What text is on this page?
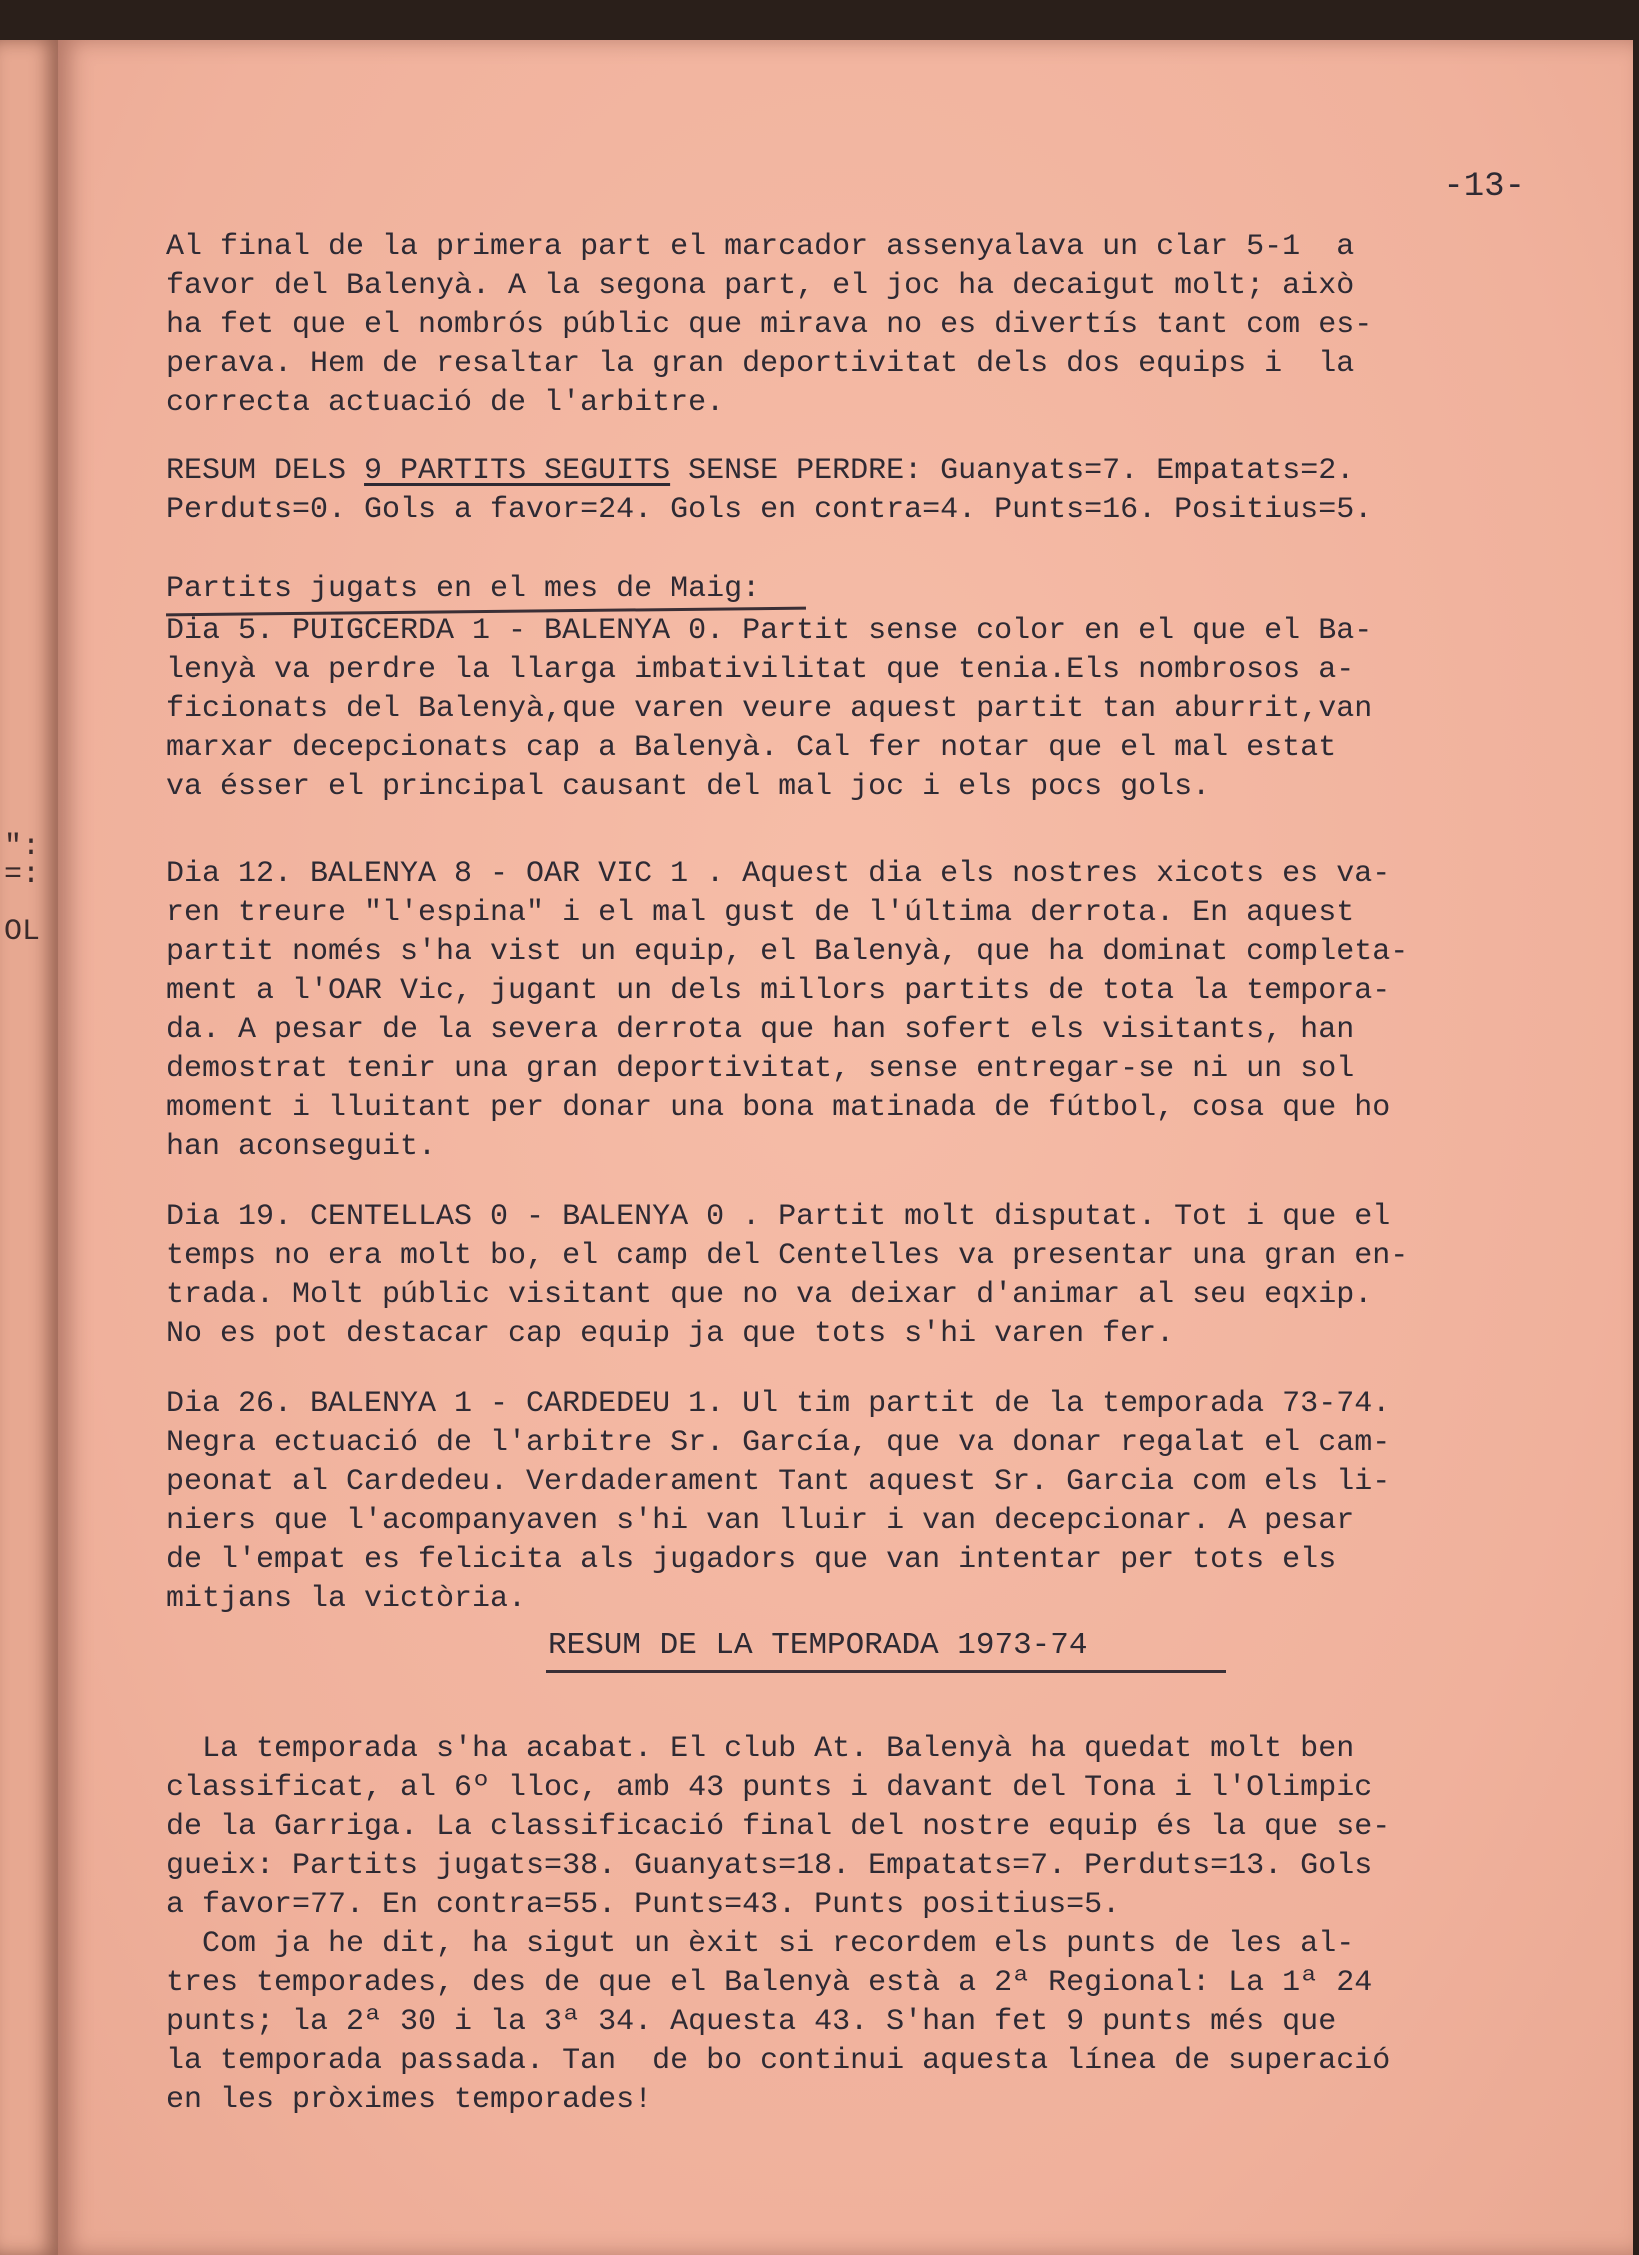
":
=:
OL
-13-

Al final de la primera part el marcador assenyalava un clar 5-1  a
favor del Balenyà. A la segona part, el joc ha decaigut molt; això
ha fet que el nombrós públic que mirava no es divertís tant com es-
perava. Hem de resaltar la gran deportivitat dels dos equips i  la
correcta actuació de l'arbitre.

RESUM DELS 9 PARTITS SEGUITS SENSE PERDRE: Guanyats=7. Empatats=2.
Perduts=0. Gols a favor=24. Gols en contra=4. Punts=16. Positius=5.

Partits jugats en el mes de Maig:

Dia 5. PUIGCERDA 1 - BALENYA 0. Partit sense color en el que el Ba-
lenyà va perdre la llarga imbativilitat que tenia.Els nombrosos a-
ficionats del Balenyà,que varen veure aquest partit tan aburrit,van
marxar decepcionats cap a Balenyà. Cal fer notar que el mal estat
va ésser el principal causant del mal joc i els pocs gols.

Dia 12. BALENYA 8 - OAR VIC 1 . Aquest dia els nostres xicots es va-
ren treure "l'espina" i el mal gust de l'última derrota. En aquest
partit només s'ha vist un equip, el Balenyà, que ha dominat completa-
ment a l'OAR Vic, jugant un dels millors partits de tota la tempora-
da. A pesar de la severa derrota que han sofert els visitants, han
demostrat tenir una gran deportivitat, sense entregar-se ni un sol
moment i lluitant per donar una bona matinada de fútbol, cosa que ho
han aconseguit.

Dia 19. CENTELLAS 0 - BALENYA 0 . Partit molt disputat. Tot i que el
temps no era molt bo, el camp del Centelles va presentar una gran en-
trada. Molt públic visitant que no va deixar d'animar al seu eqxip.
No es pot destacar cap equip ja que tots s'hi varen fer.

Dia 26. BALENYA 1 - CARDEDEU 1. Ul tim partit de la temporada 73-74.
Negra ectuació de l'arbitre Sr. García, que va donar regalat el cam-
peonat al Cardedeu. Verdaderament Tant aquest Sr. Garcia com els li-
niers que l'acompanyaven s'hi van lluir i van decepcionar. A pesar
de l'empat es felicita als jugadors que van intentar per tots els
mitjans la victòria.

RESUM DE LA TEMPORADA 1973-74

La temporada s'ha acabat. El club At. Balenyà ha quedat molt ben
classificat, al 6º lloc, amb 43 punts i davant del Tona i l'Olimpic
de la Garriga. La classificació final del nostre equip és la que se-
gueix: Partits jugats=38. Guanyats=18. Empatats=7. Perduts=13. Gols
a favor=77. En contra=55. Punts=43. Punts positius=5.

Com ja he dit, ha sigut un èxit si recordem els punts de les al-
tres temporades, des de que el Balenyà està a 2ª Regional: La 1ª 24
punts; la 2ª 30 i la 3ª 34. Aquesta 43. S'han fet 9 punts més que
la temporada passada. Tan  de bo continui aquesta línea de superació
en les pròximes temporades!
